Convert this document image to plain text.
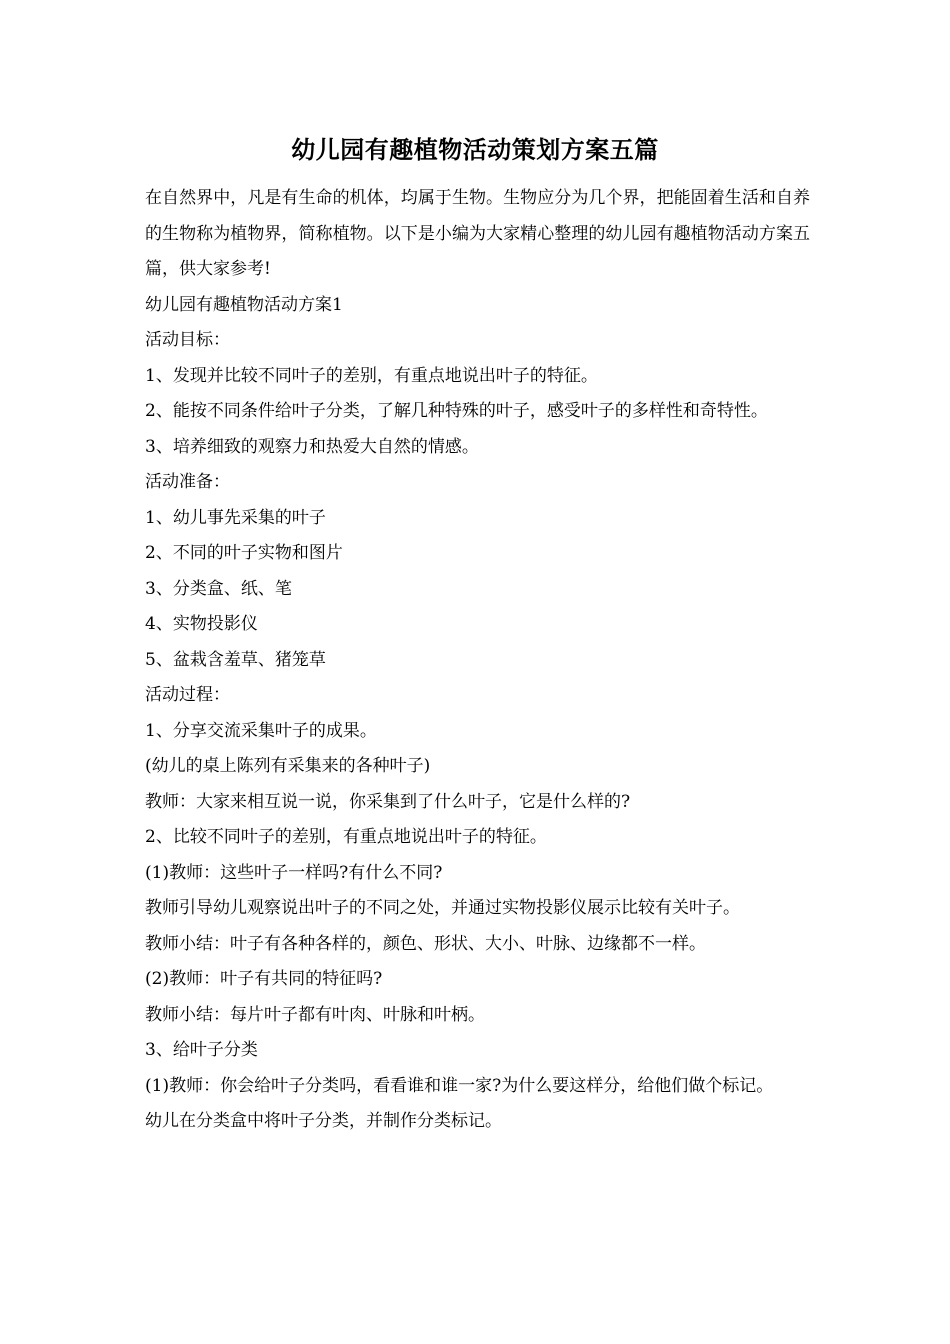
幼儿园有趣植物活动策划方案五篇

在自然界中，凡是有生命的机体，均属于生物。生物应分为几个界，把能固着生活和自养的生物称为植物界，简称植物。以下是小编为大家精心整理的幼儿园有趣植物活动方案五篇，供大家参考!

幼儿园有趣植物活动方案1

活动目标：

1、发现并比较不同叶子的差别，有重点地说出叶子的特征。

2、能按不同条件给叶子分类，了解几种特殊的叶子，感受叶子的多样性和奇特性。

3、培养细致的观察力和热爱大自然的情感。

活动准备：

1、幼儿事先采集的叶子

2、不同的叶子实物和图片

3、分类盒、纸、笔

4、实物投影仪

5、盆栽含羞草、猪笼草

活动过程：

1、分享交流采集叶子的成果。

(幼儿的桌上陈列有采集来的各种叶子)

教师：大家来相互说一说，你采集到了什么叶子，它是什么样的?

2、比较不同叶子的差别，有重点地说出叶子的特征。

(1)教师：这些叶子一样吗?有什么不同?

教师引导幼儿观察说出叶子的不同之处，并通过实物投影仪展示比较有关叶子。

教师小结：叶子有各种各样的，颜色、形状、大小、叶脉、边缘都不一样。

(2)教师：叶子有共同的特征吗?

教师小结：每片叶子都有叶肉、叶脉和叶柄。

3、给叶子分类

(1)教师：你会给叶子分类吗，看看谁和谁一家?为什么要这样分，给他们做个标记。

幼儿在分类盒中将叶子分类，并制作分类标记。
